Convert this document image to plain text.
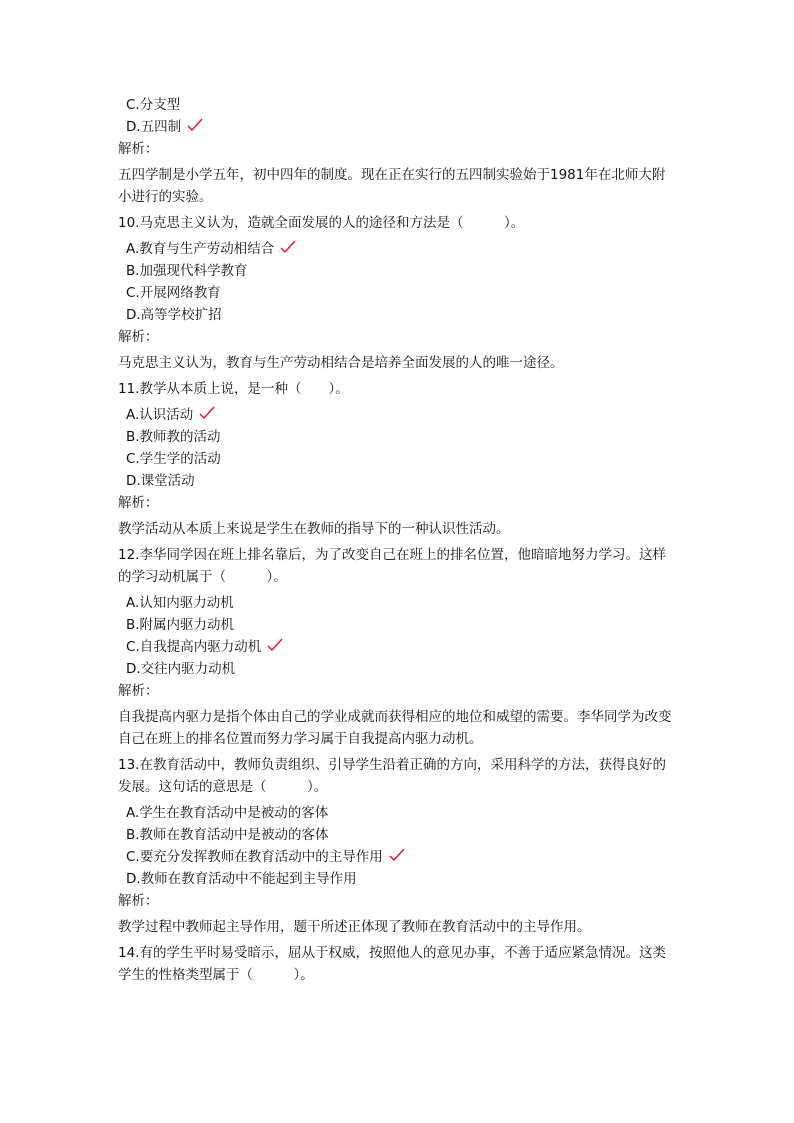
C.分支型
D.五四制
解析：
五四学制是小学五年，初中四年的制度。现在正在实行的五四制实验始于1981年在北师大附小进行的实验。
10.马克思主义认为，造就全面发展的人的途径和方法是（　　　）。
A.教育与生产劳动相结合
B.加强现代科学教育
C.开展网络教育
D.高等学校扩招
解析：
马克思主义认为，教育与生产劳动相结合是培养全面发展的人的唯一途径。
11.教学从本质上说，是一种（　　）。
A.认识活动
B.教师教的活动
C.学生学的活动
D.课堂活动
解析：
教学活动从本质上来说是学生在教师的指导下的一种认识性活动。
12.李华同学因在班上排名靠后，为了改变自己在班上的排名位置，他暗暗地努力学习。这样的学习动机属于（　　　）。
A.认知内驱力动机
B.附属内驱力动机
C.自我提高内驱力动机
D.交往内驱力动机
解析：
自我提高内驱力是指个体由自己的学业成就而获得相应的地位和威望的需要。李华同学为改变自己在班上的排名位置而努力学习属于自我提高内驱力动机。
13.在教育活动中，教师负责组织、引导学生沿着正确的方向，采用科学的方法，获得良好的发展。这句话的意思是（　　　）。
A.学生在教育活动中是被动的客体
B.教师在教育活动中是被动的客体
C.要充分发挥教师在教育活动中的主导作用
D.教师在教育活动中不能起到主导作用
解析：
教学过程中教师起主导作用，题干所述正体现了教师在教育活动中的主导作用。
14.有的学生平时易受暗示，屈从于权威，按照他人的意见办事，不善于适应紧急情况。这类学生的性格类型属于（　　　）。
